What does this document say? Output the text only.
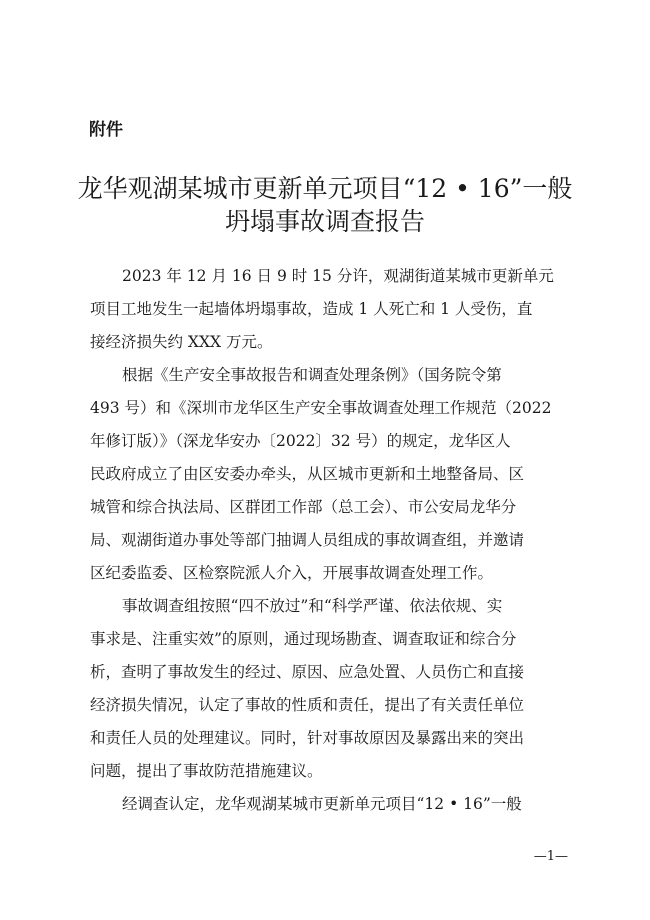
附件
龙华观湖某城市更新单元项目“12 • 16”一般
坍塌事故调查报告
2023 年 12 月 16 日 9 时 15 分许，观湖街道某城市更新单元
项目工地发生一起墙体坍塌事故，造成 1 人死亡和 1 人受伤，直
接经济损失约 XXX 万元。
根据《生产安全事故报告和调查处理条例》（国务院令第
493 号）和《深圳市龙华区生产安全事故调查处理工作规范（2022
年修订版）》（深龙华安办〔2022〕32 号）的规定，龙华区人
民政府成立了由区安委办牵头，从区城市更新和土地整备局、区
城管和综合执法局、区群团工作部（总工会）、市公安局龙华分
局、观湖街道办事处等部门抽调人员组成的事故调查组，并邀请
区纪委监委、区检察院派人介入，开展事故调查处理工作。
事故调查组按照“四不放过”和“科学严谨、依法依规、实
事求是、注重实效”的原则，通过现场勘查、调查取证和综合分
析，查明了事故发生的经过、原因、应急处置、人员伤亡和直接
经济损失情况，认定了事故的性质和责任，提出了有关责任单位
和责任人员的处理建议。同时，针对事故原因及暴露出来的突出
问题，提出了事故防范措施建议。
经调查认定，龙华观湖某城市更新单元项目“12 • 16”一般
—1—
